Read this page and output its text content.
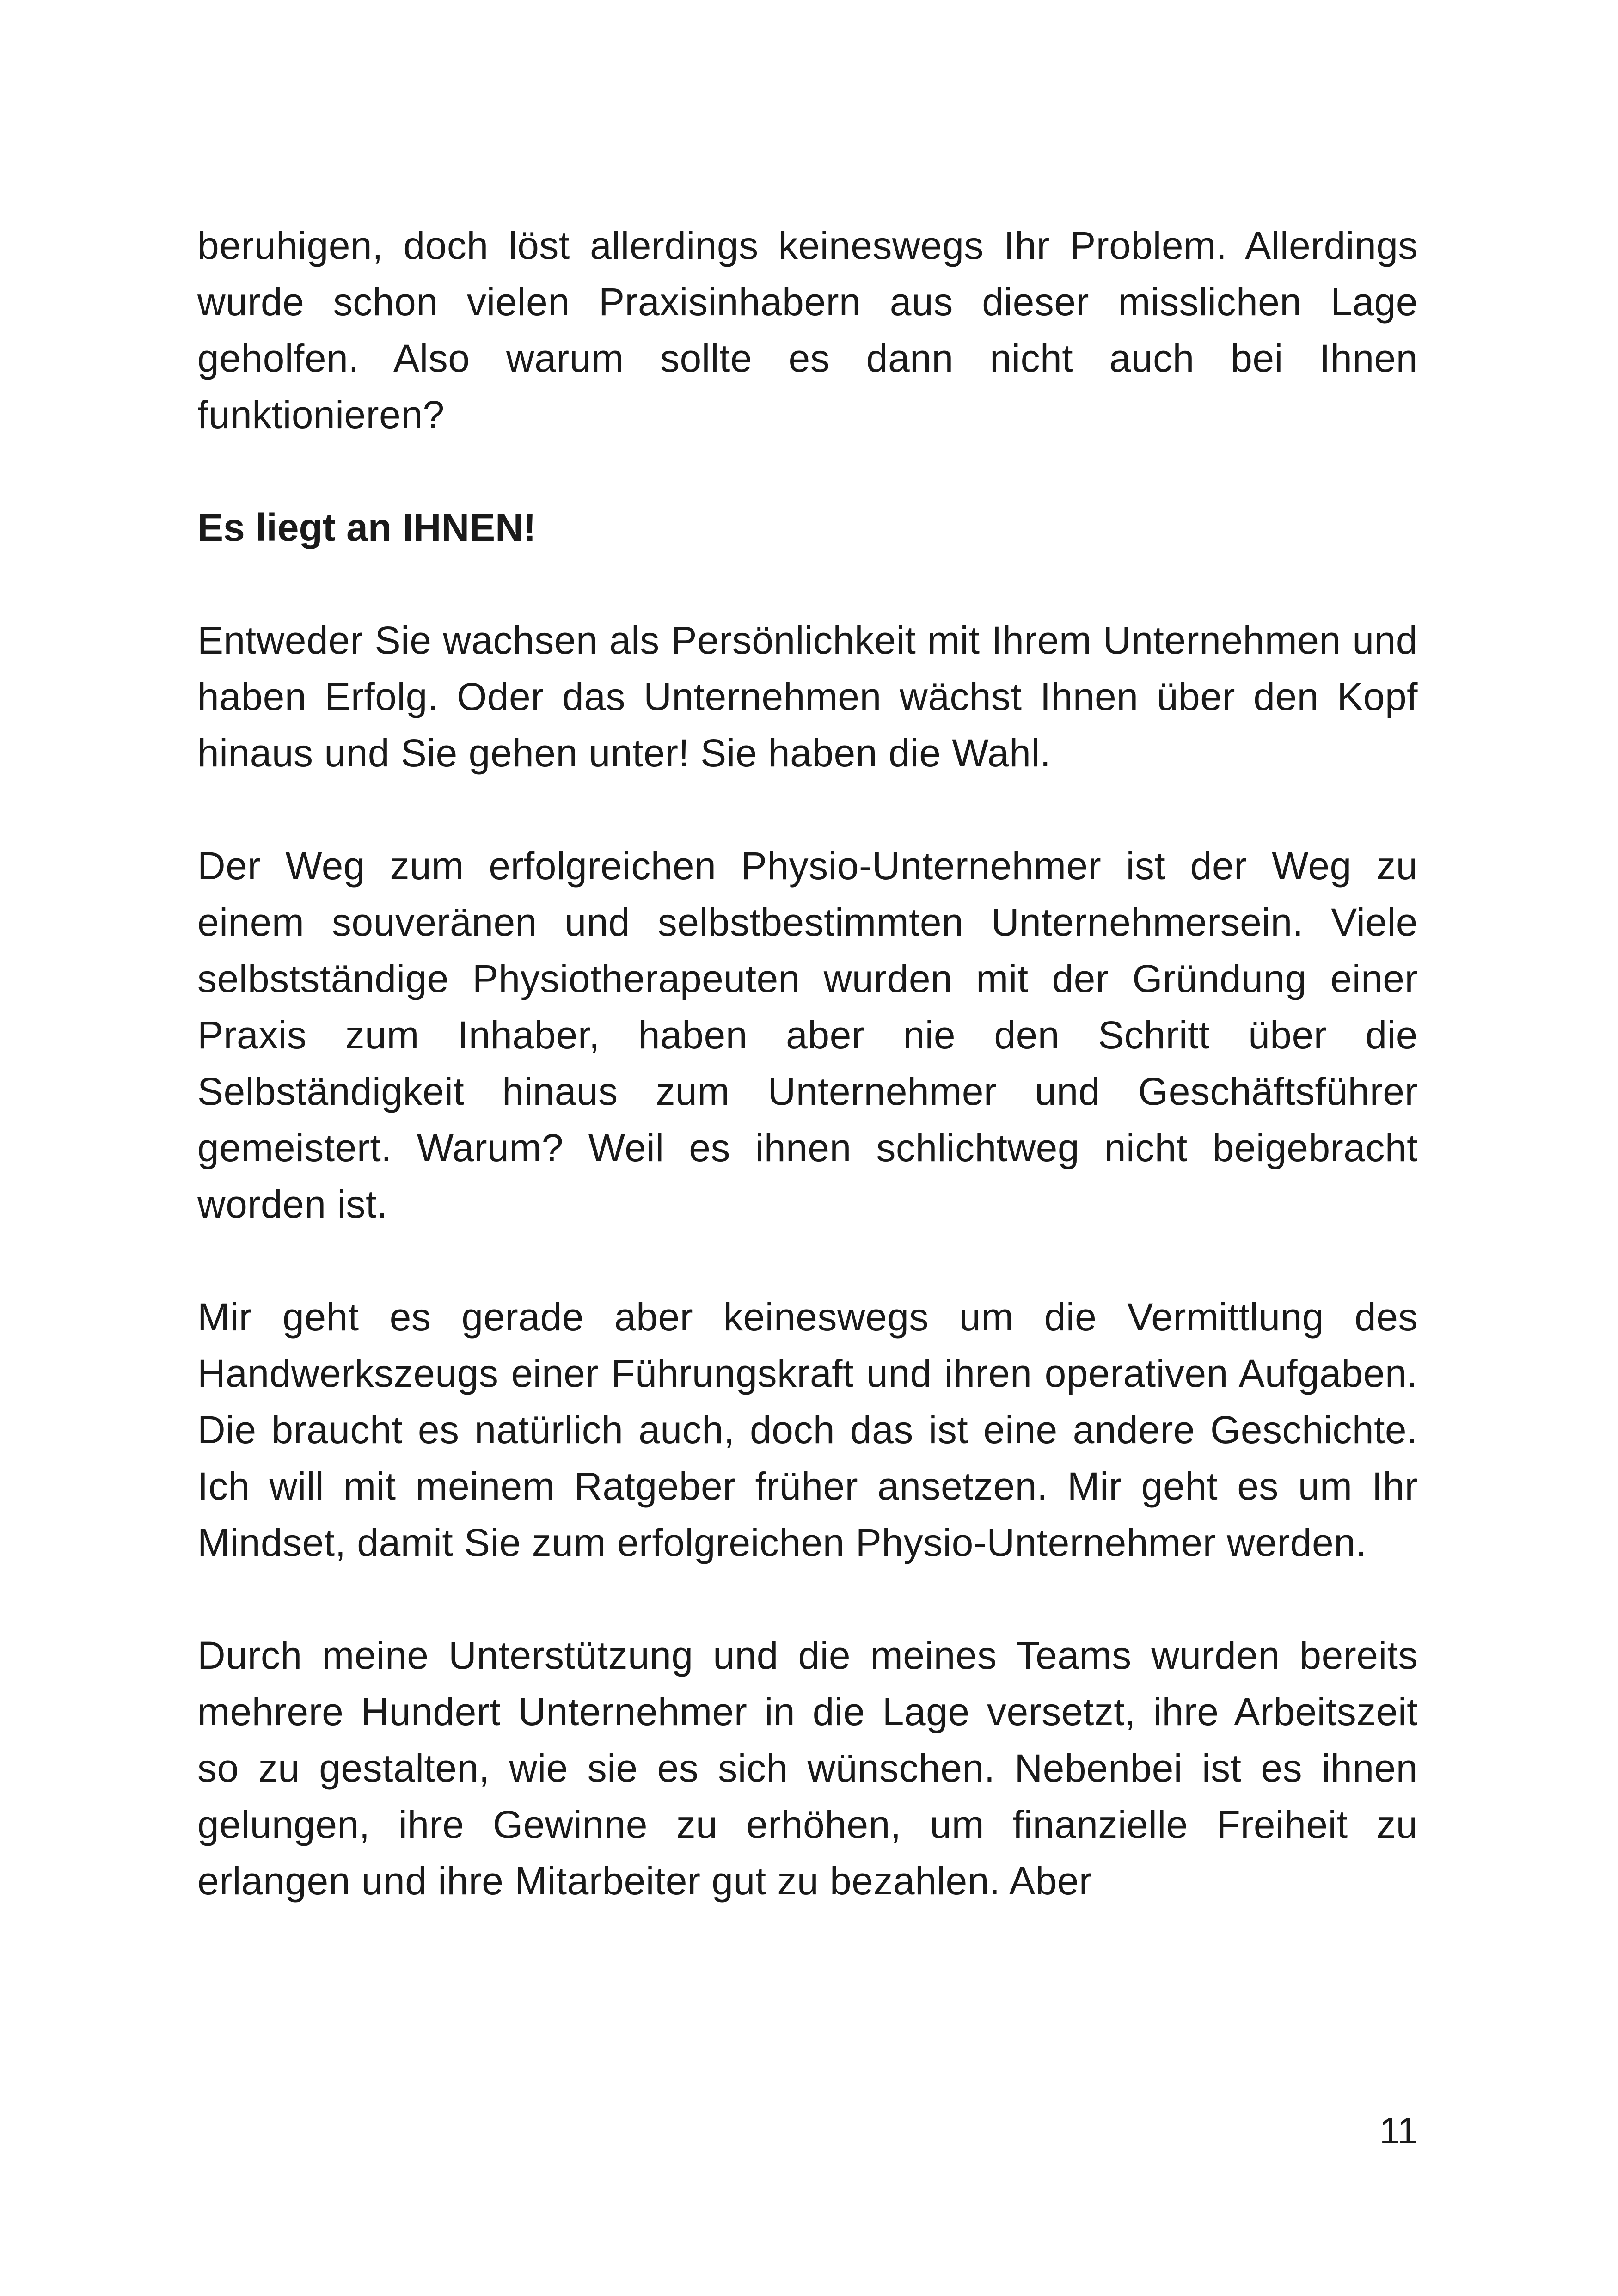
beruhigen, doch löst allerdings keineswegs Ihr Problem. Allerdings wurde schon vielen Praxisinhabern aus dieser misslichen Lage geholfen. Also warum sollte es dann nicht auch bei Ihnen funktionieren?

Es liegt an IHNEN!

Entweder Sie wachsen als Persönlichkeit mit Ihrem Unternehmen und haben Erfolg. Oder das Unternehmen wächst Ihnen über den Kopf hinaus und Sie gehen unter! Sie haben die Wahl.

Der Weg zum erfolgreichen Physio-Unternehmer ist der Weg zu einem souveränen und selbstbestimmten Unternehmersein. Viele selbstständige Physiotherapeuten wurden mit der Gründung einer Praxis zum Inhaber, haben aber nie den Schritt über die Selbständigkeit hinaus zum Unternehmer und Geschäftsführer gemeistert. Warum? Weil es ihnen schlichtweg nicht beigebracht worden ist.

Mir geht es gerade aber keineswegs um die Vermittlung des Handwerkszeugs einer Führungskraft und ihren operativen Aufgaben. Die braucht es natürlich auch, doch das ist eine andere Geschichte. Ich will mit meinem Ratgeber früher ansetzen. Mir geht es um Ihr Mindset, damit Sie zum erfolgreichen Physio-Unternehmer werden.

Durch meine Unterstützung und die meines Teams wurden bereits mehrere Hundert Unternehmer in die Lage versetzt, ihre Arbeitszeit so zu gestalten, wie sie es sich wünschen. Nebenbei ist es ihnen gelungen, ihre Gewinne zu erhöhen, um finanzielle Freiheit zu erlangen und ihre Mitarbeiter gut zu bezahlen. Aber

11
